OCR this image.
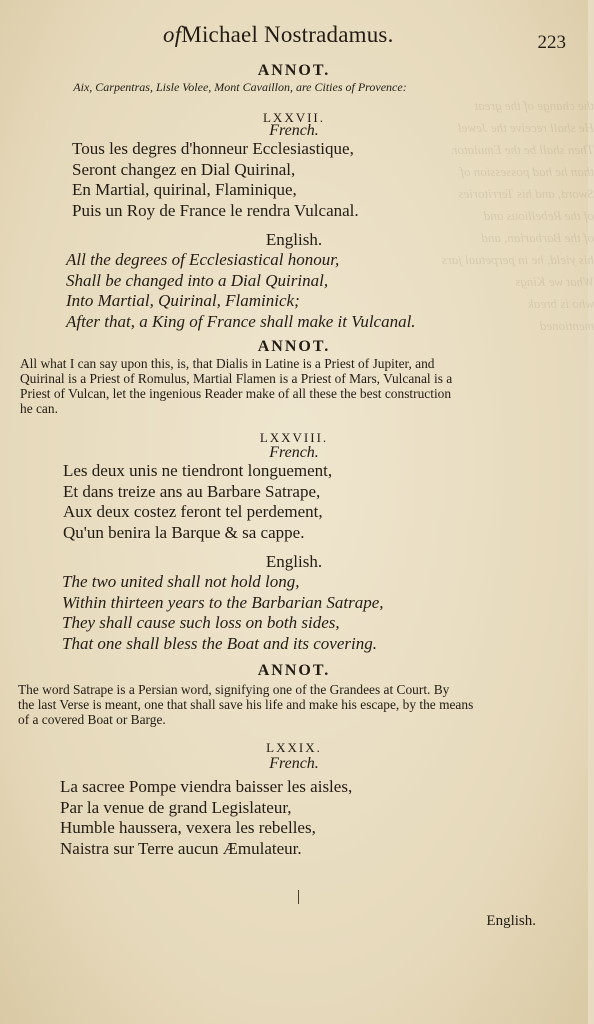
the change of the great
He shall receive the Jewel
Then shall be the Emulator.
than he had possession of
Sword, and his Territories
of the Rebellious and
of the Barbarian, and
his yield, he in perpetual jars
What we Kings
who is break
mentioned
ofMichael Nostradamus.	223
ANNOT.
Aix, Carpentras, Lisle Volee, Mont Cavaillon, are Cities of Provence:
LXXVII.
French.
Tous les degres d'honneur Ecclesiastique,
Seront changez en Dial Quirinal,
En Martial, quirinal, Flaminique,
Puis un Roy de France le rendra Vulcanal.
English.
All the degrees of Ecclesiastical honour,
Shall be changed into a Dial Quirinal,
Into Martial, Quirinal, Flaminick;
After that, a King of France shall make it Vulcanal.
ANNOT.
All what I can say upon this, is, that Dialis in Latine is a Priest of Jupiter, and
Quirinal is a Priest of Romulus, Martial Flamen is a Priest of Mars, Vulcanal is a
Priest of Vulcan, let the ingenious Reader make of all these the best construction
he can.
LXXVIII.
French.
Les deux unis ne tiendront longuement,
Et dans treize ans au Barbare Satrape,
Aux deux costez feront tel perdement,
Qu'un benira la Barque & sa cappe.
English.
The two united shall not hold long,
Within thirteen years to the Barbarian Satrape,
They shall cause such loss on both sides,
That one shall bless the Boat and its covering.
ANNOT.
The word Satrape is a Persian word, signifying one of the Grandees at Court. By
the last Verse is meant, one that shall save his life and make his escape, by the means
of a covered Boat or Barge.
LXXIX.
French.
La sacree Pompe viendra baisser les aisles,
Par la venue de grand Legislateur,
Humble haussera, vexera les rebelles,
Naistra sur Terre aucun Æmulateur.
English.
